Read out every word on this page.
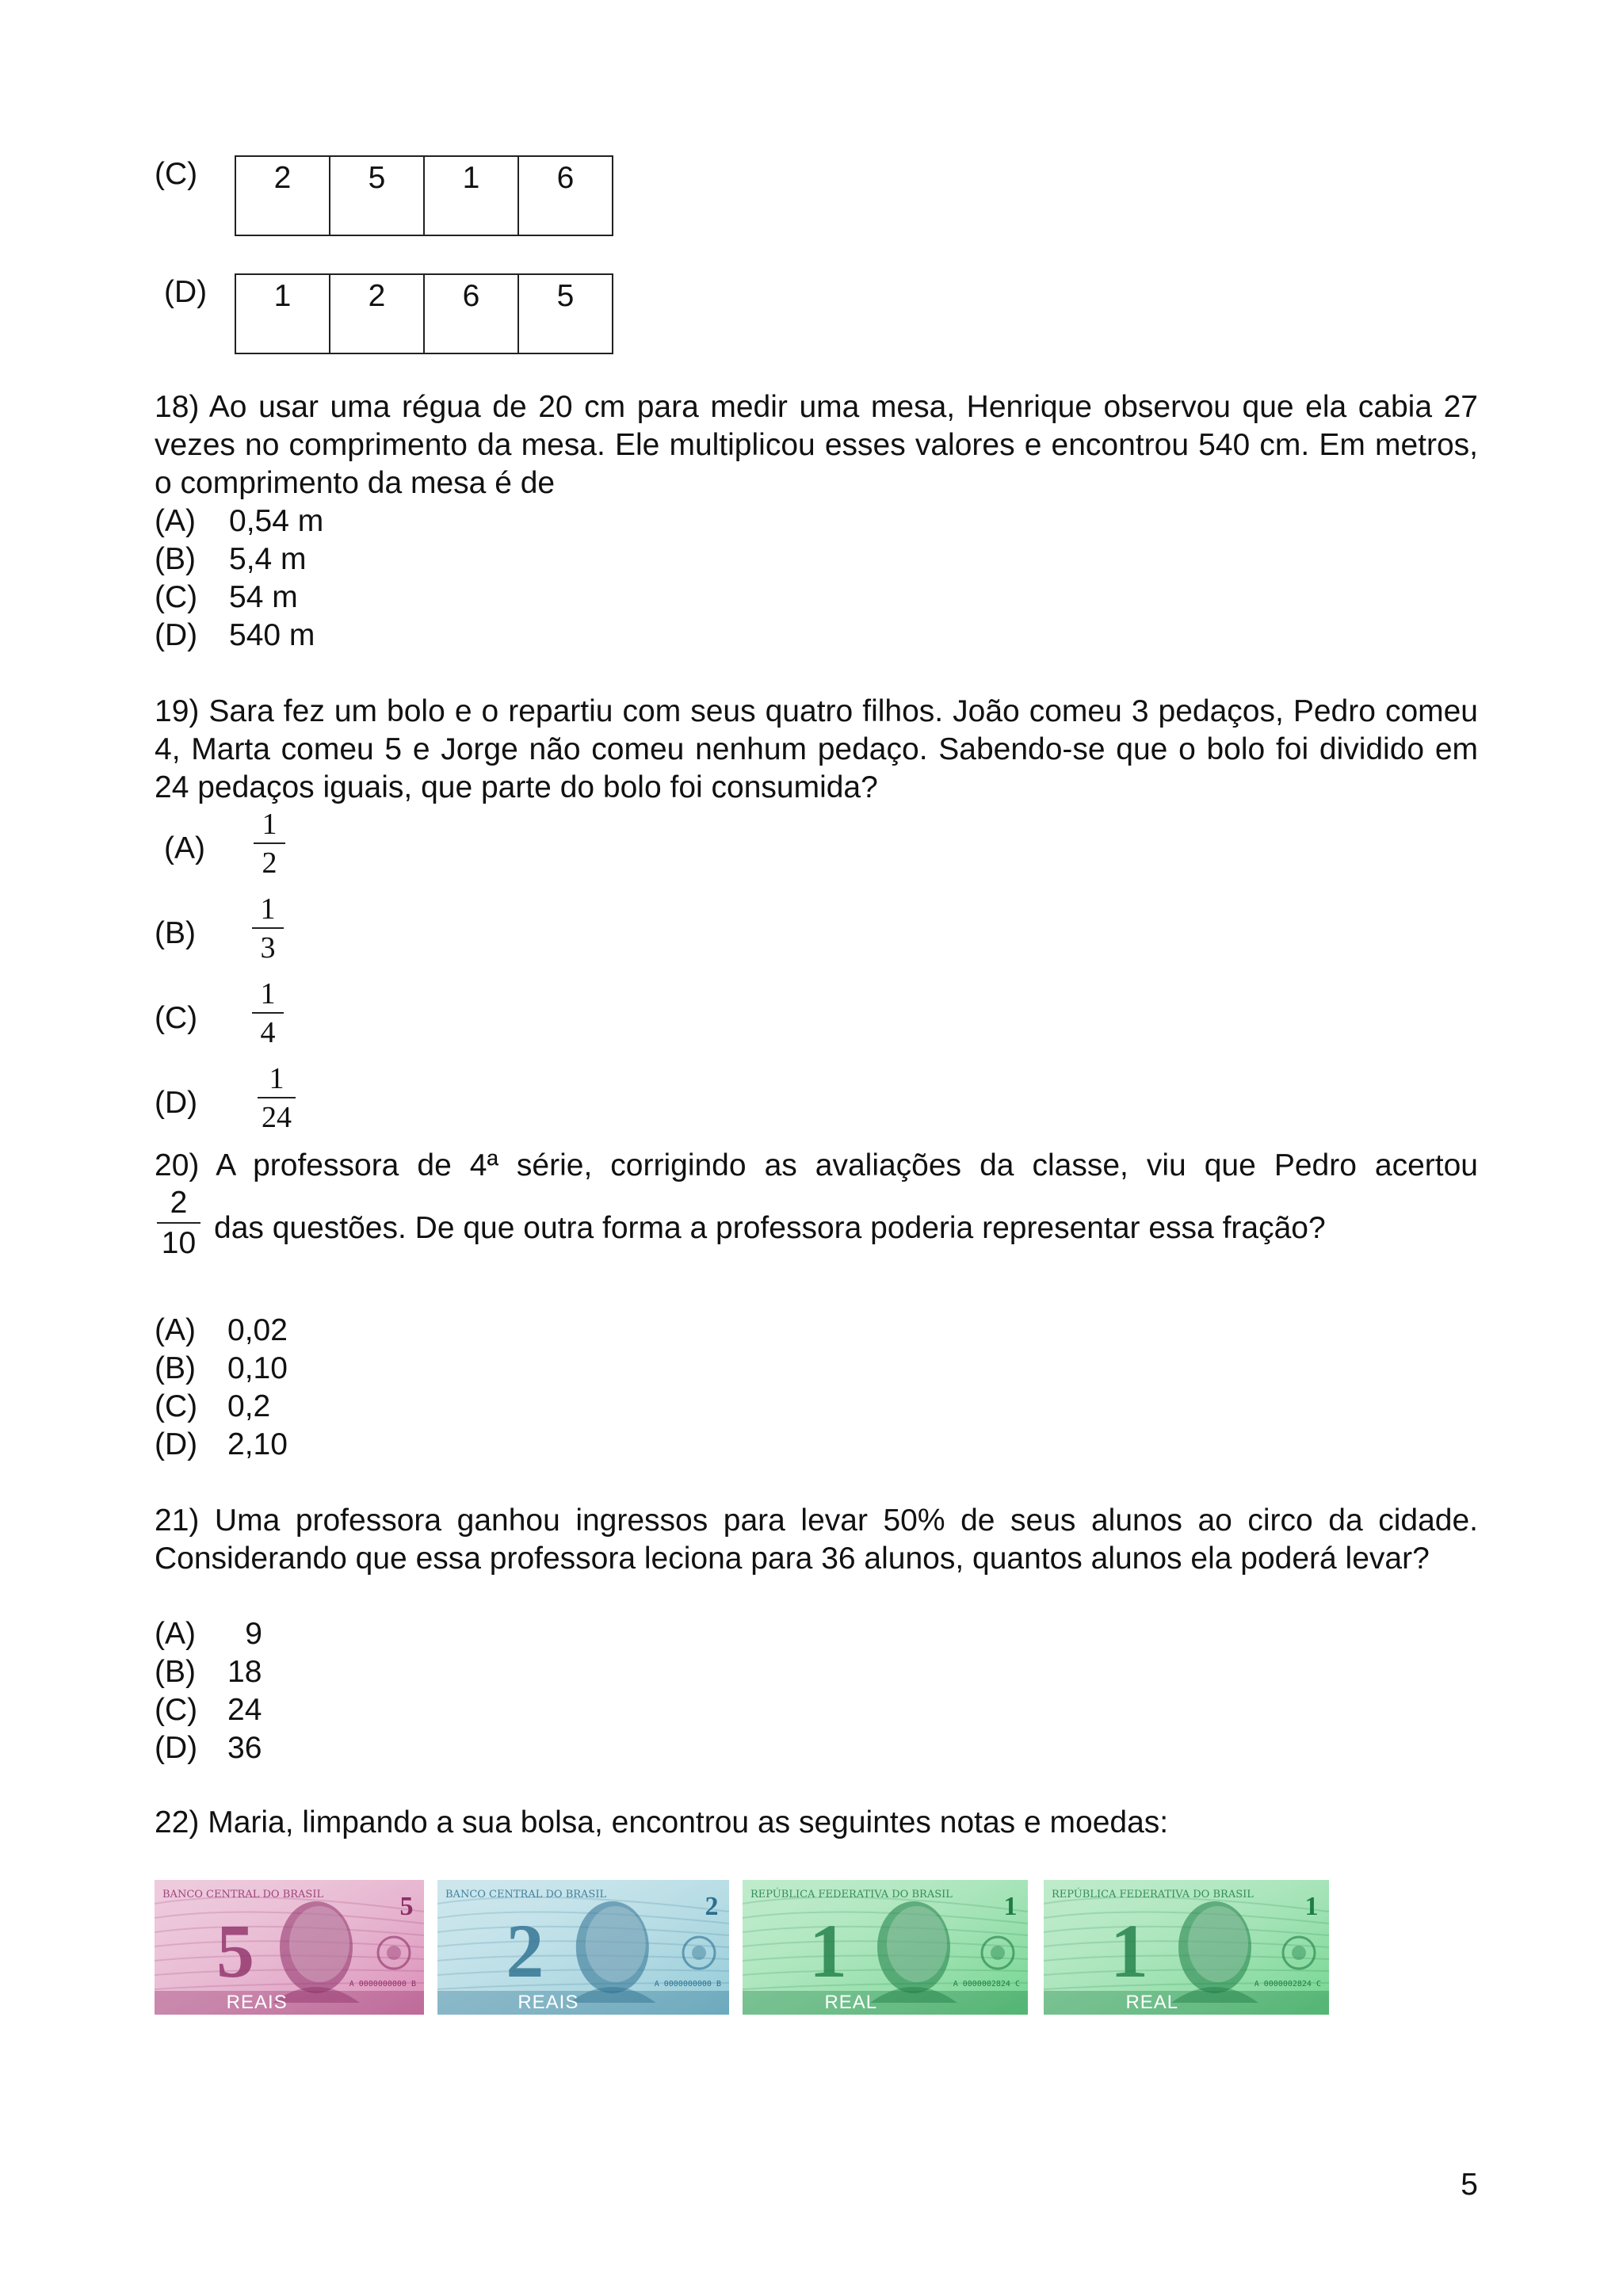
(C) 2	5	1	6
(D) 1	2	6	5

18) Ao usar uma régua de 20 cm para medir uma mesa, Henrique observou que ela cabia 27 vezes no comprimento da mesa. Ele multiplicou esses valores e encontrou 540 cm. Em metros, o comprimento da mesa é de

(A) 0,54 m
(B) 5,4 m
(C) 54 m
(D) 540 m

19) Sara fez um bolo e o repartiu com seus quatro filhos. João comeu 3 pedaços, Pedro comeu 4, Marta comeu 5 e Jorge não comeu nenhum pedaço. Sabendo-se que o bolo foi dividido em 24 pedaços iguais, que parte do bolo foi consumida?

(A)
1
2
(B)
1
3
(C)
1
4
(D)
1
24

20) A professora de 4ª série, corrigindo as avaliações da classe, viu que Pedro acertou

2
10 das questões. De que outra forma a professora poderia representar essa fração?
(A) 0,02
(B) 0,10
(C) 0,2
(D) 2,10

21) Uma professora ganhou ingressos para levar 50% de seus alunos ao circo da cidade. Considerando que essa professora leciona para 36 alunos, quantos alunos ela poderá levar?

(A) 9
(B) 18
(C) 24
(D) 36

22) Maria, limpando a sua bolsa, encontrou as seguintes notas e moedas:

BANCO CENTRAL DO BRASIL
5
5
REAIS
A 0000000000 B
BANCO CENTRAL DO BRASIL
2
2
REAIS
A 0000000000 B
REPÚBLICA FEDERATIVA DO BRASIL
1
1
REAL
A 0000002824 C
REPÚBLICA FEDERATIVA DO BRASIL
1
1
REAL
A 0000002824 C
5
